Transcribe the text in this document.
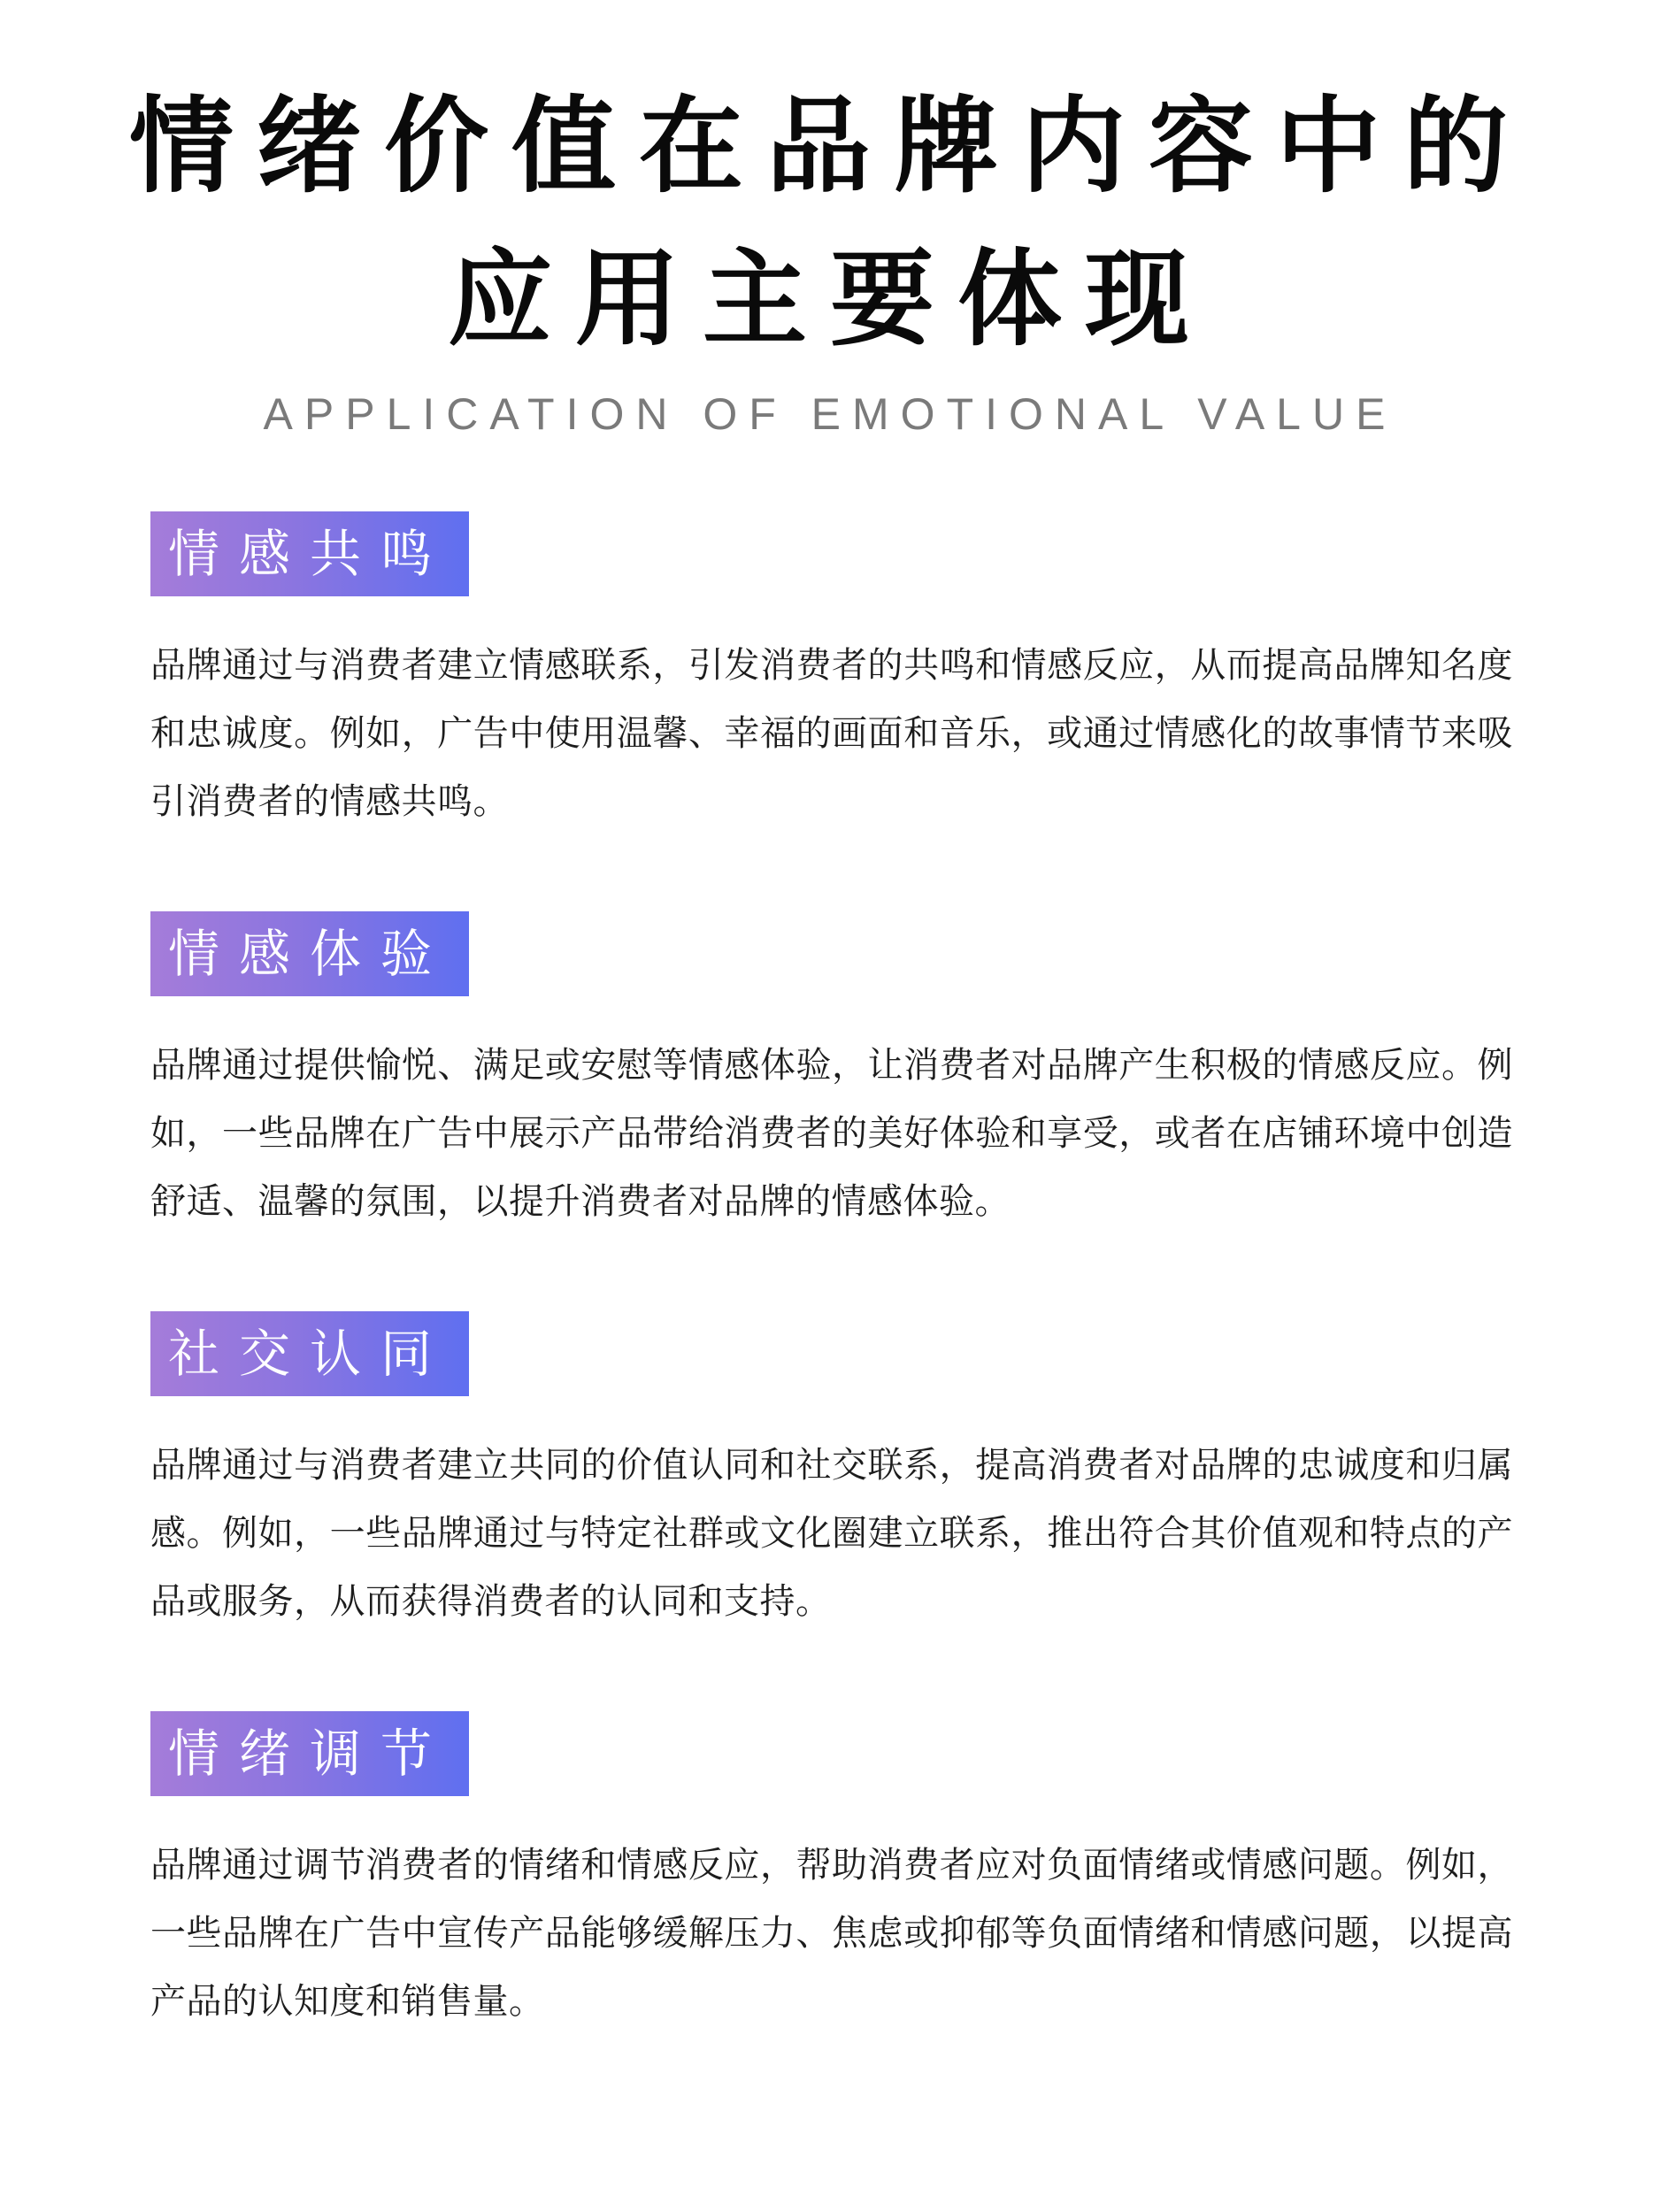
情绪价值在品牌内容中的
应用主要体现
APPLICATION OF EMOTIONAL VALUE
情感共鸣
品牌通过与消费者建立情感联系，引发消费者的共鸣和情感反应，从而提高品牌知名度和忠诚度。例如，广告中使用温馨、幸福的画面和音乐，或通过情感化的故事情节来吸引消费者的情感共鸣。
情感体验
品牌通过提供愉悦、满足或安慰等情感体验，让消费者对品牌产生积极的情感反应。例如，一些品牌在广告中展示产品带给消费者的美好体验和享受，或者在店铺环境中创造舒适、温馨的氛围，以提升消费者对品牌的情感体验。
社交认同
品牌通过与消费者建立共同的价值认同和社交联系，提高消费者对品牌的忠诚度和归属感。例如，一些品牌通过与特定社群或文化圈建立联系，推出符合其价值观和特点的产品或服务，从而获得消费者的认同和支持。
情绪调节
品牌通过调节消费者的情绪和情感反应，帮助消费者应对负面情绪或情感问题。例如，一些品牌在广告中宣传产品能够缓解压力、焦虑或抑郁等负面情绪和情感问题，以提高产品的认知度和销售量。
